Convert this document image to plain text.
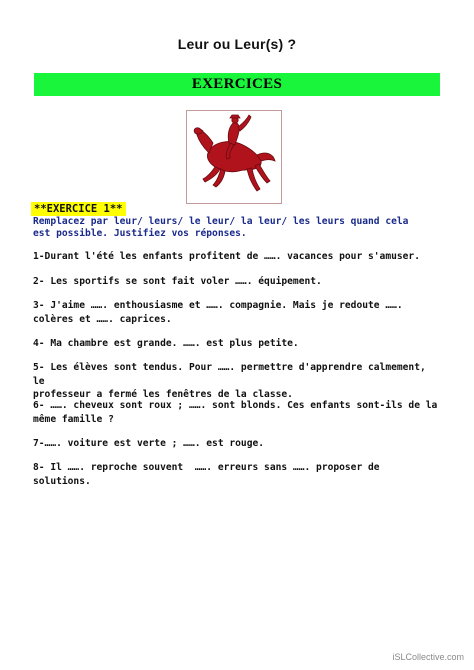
Leur ou Leur(s) ?
EXERCICES
**EXERCICE 1**
Remplacez par leur/ leurs/ le leur/ la leur/ les leurs quand cela est possible. Justifiez vos réponses.
1-Durant l'été les enfants profitent de ……. vacances pour s'amuser.
2- Les sportifs se sont fait voler ……. équipement.
3- J'aime ……. enthousiasme et ……. compagnie. Mais je redoute …….
colères et ……. caprices.
4- Ma chambre est grande. ……. est plus petite.
5- Les élèves sont tendus. Pour ……. permettre d'apprendre calmement, le
professeur a fermé les fenêtres de la classe.
6- ……. cheveux sont roux ; ……. sont blonds. Ces enfants sont-ils de la
même famille ?
7-……. voiture est verte ; ……. est rouge.
8- Il ……. reproche souvent  ……. erreurs sans ……. proposer de solutions.
iSLCollective.com
